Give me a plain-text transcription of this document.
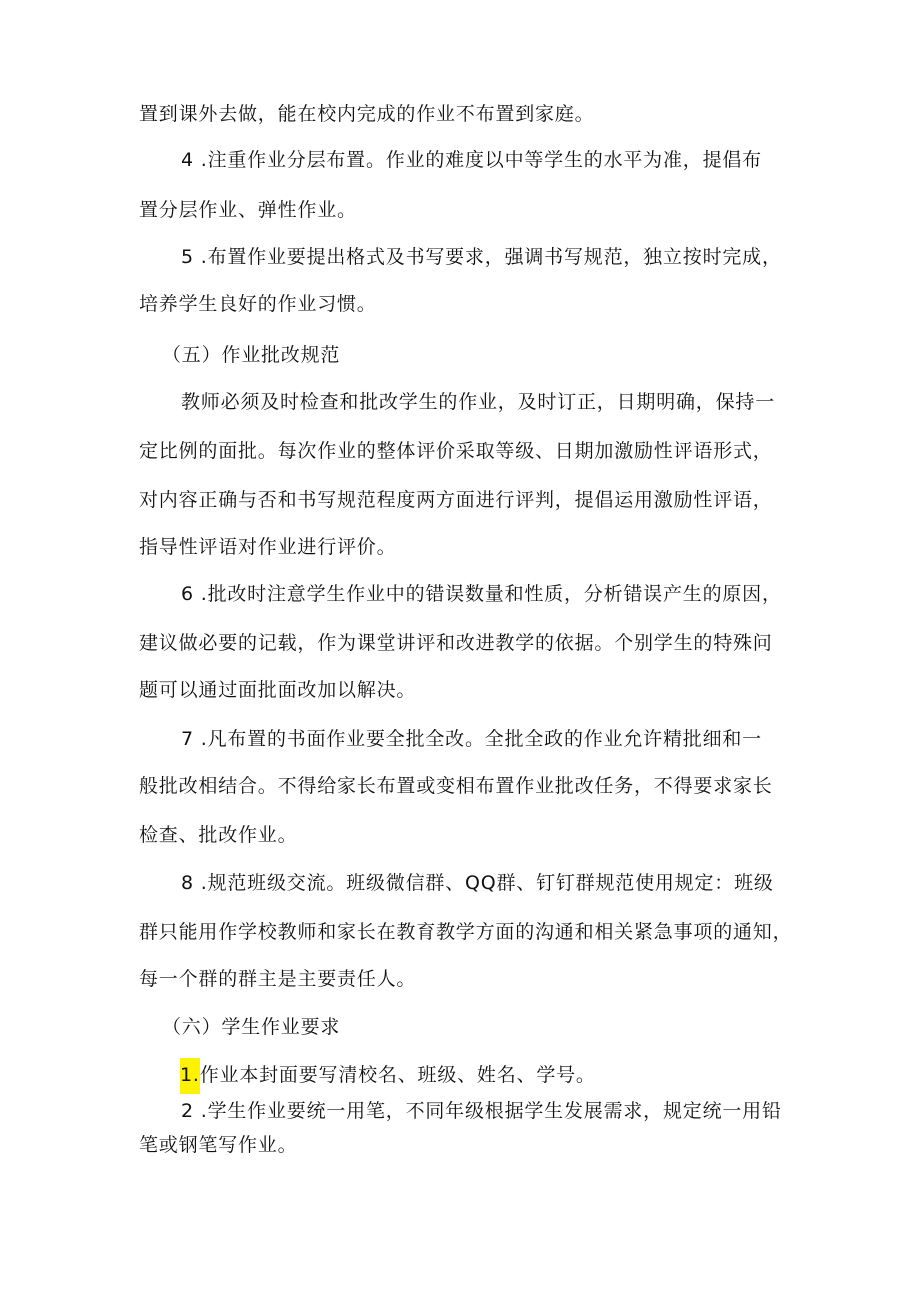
置到课外去做，能在校内完成的作业不布置到家庭。
4 .注重作业分层布置。作业的难度以中等学生的水平为准，提倡布
置分层作业、弹性作业。
5 .布置作业要提出格式及书写要求，强调书写规范，独立按时完成，
培养学生良好的作业习惯。
（五）作业批改规范
教师必须及时检查和批改学生的作业，及时订正，日期明确，保持一
定比例的面批。每次作业的整体评价采取等级、日期加激励性评语形式，
对内容正确与否和书写规范程度两方面进行评判，提倡运用激励性评语，
指导性评语对作业进行评价。
6 .批改时注意学生作业中的错误数量和性质，分析错误产生的原因，
建议做必要的记载，作为课堂讲评和改进教学的依据。个别学生的特殊问
题可以通过面批面改加以解决。
7 .凡布置的书面作业要全批全改。全批全政的作业允许精批细和一
般批改相结合。不得给家长布置或变相布置作业批改任务，不得要求家长
检查、批改作业。
8 .规范班级交流。班级微信群、QQ群、钉钉群规范使用规定：班级
群只能用作学校教师和家长在教育教学方面的沟通和相关紧急事项的通知，
每一个群的群主是主要责任人。
（六）学生作业要求
1.作业本封面要写清校名、班级、姓名、学号。
2 .学生作业要统一用笔，不同年级根据学生发展需求，规定统一用铅
笔或钢笔写作业。
